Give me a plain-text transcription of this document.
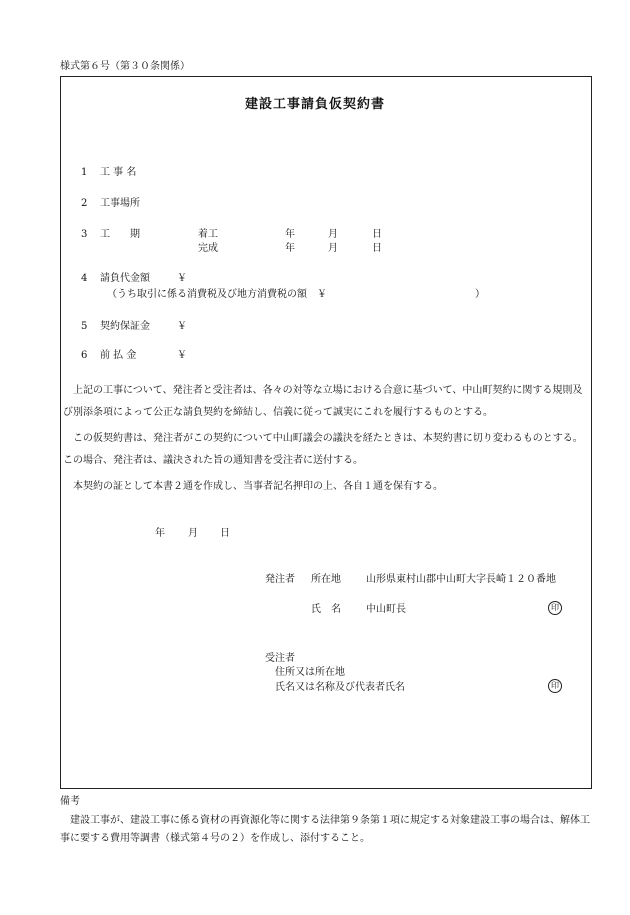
様式第６号（第３０条関係）
建設工事請負仮契約書
1 工 事 名
2 工事場所
3 工　　期	着工	年	月	日
完成	年	月	日
4 請負代金額	￥
（うち取引に係る消費税及び地方消費税の額　￥	）
5 契約保証金	￥
6 前 払 金	￥
　上記の工事について、発注者と受注者は、各々の対等な立場における合意に基づいて、中山町契約に関する規則及び別添条項によって公正な請負契約を締結し、信義に従って誠実にこれを履行するものとする。
　この仮契約書は、発注者がこの契約について中山町議会の議決を経たときは、本契約書に切り変わるものとする。この場合、発注者は、議決された旨の通知書を受注者に送付する。
　本契約の証として本書２通を作成し、当事者記名押印の上、各自１通を保有する。
年 月 日
発注者 所在地	山形県東村山郡中山町大字長崎１２０番地
氏　名	中山町長	印
受注者
住所又は所在地
氏名又は名称及び代表者氏名	印
備考
　建設工事が、建設工事に係る資材の再資源化等に関する法律第９条第１項に規定する対象建設工事の場合は、解体工事に要する費用等調書（様式第４号の２）を作成し、添付すること。
